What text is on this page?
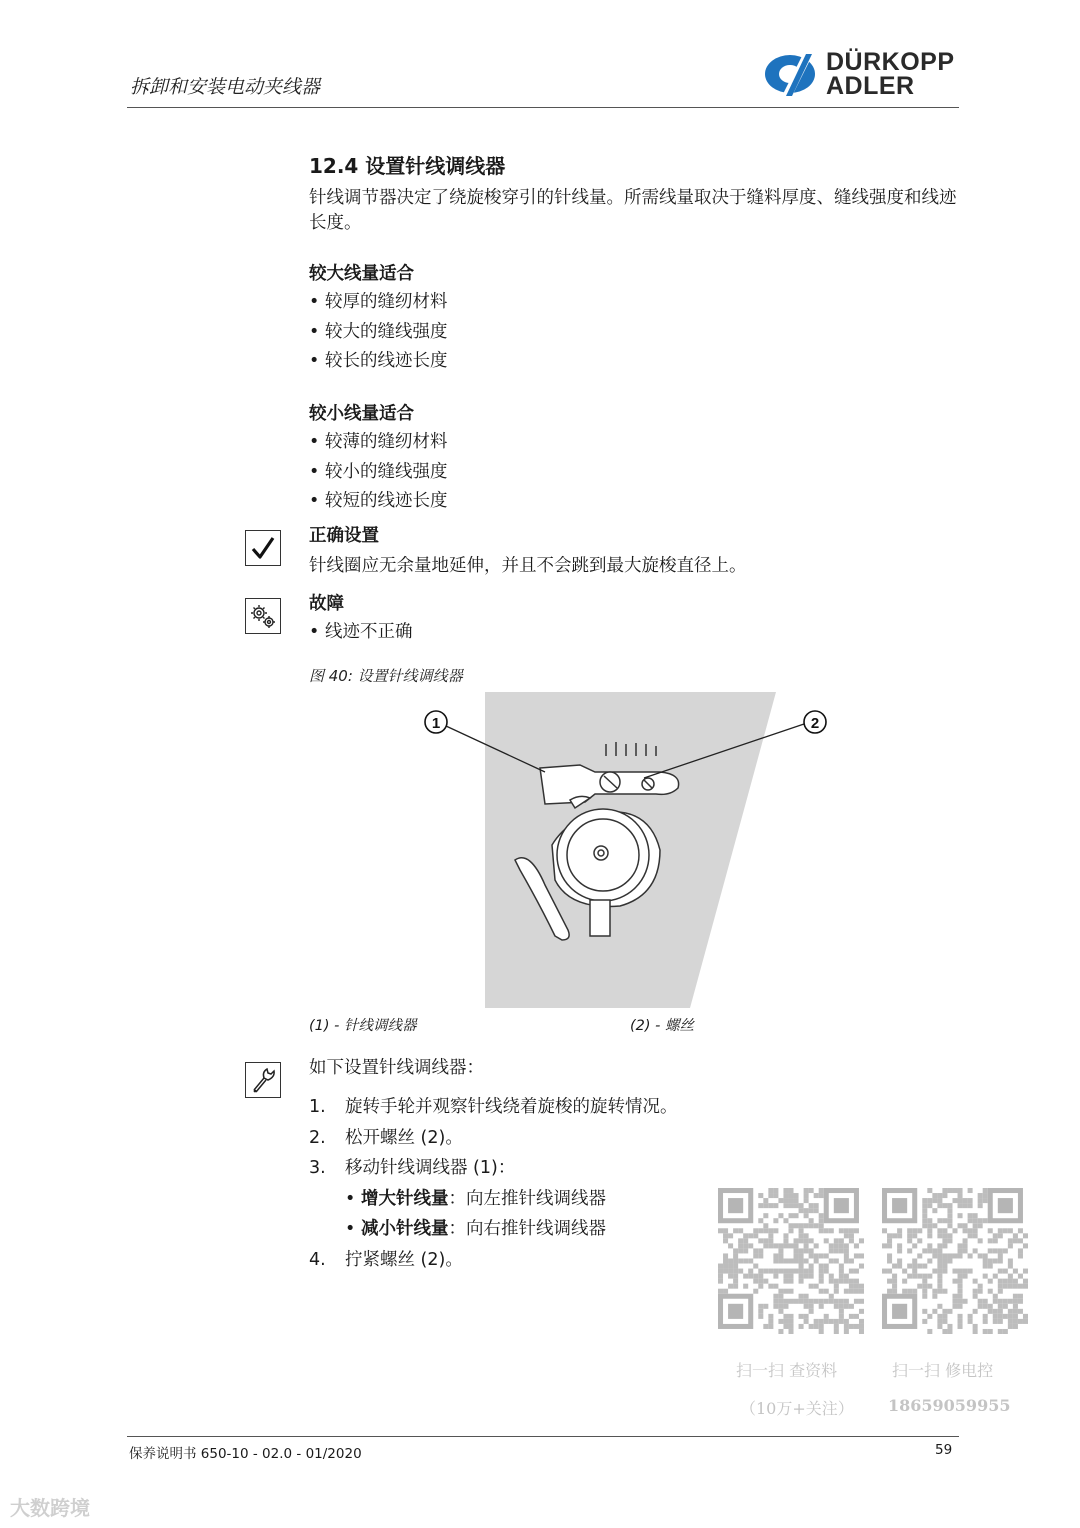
拆卸和安装电动夹线器
DÜRKOPP
ADLER
12.4 设置针线调线器
针线调节器决定了绕旋梭穿引的针线量。所需线量取决于缝料厚度、缝线强度和线迹长度。
较大线量适合
• 较厚的缝纫材料
• 较大的缝线强度
• 较长的线迹长度
较小线量适合
• 较薄的缝纫材料
• 较小的缝线强度
• 较短的线迹长度
正确设置
针线圈应无余量地延伸，并且不会跳到最大旋梭直径上。
故障
• 线迹不正确
图 40: 设置针线调线器
1	2
(1) - 针线调线器	(2) - 螺丝
如下设置针线调线器：
1. 旋转手轮并观察针线绕着旋梭的旋转情况。
2. 松开螺丝 (2)。
3. 移动针线调线器 (1)：
• 增大针线量：向左推针线调线器
• 减小针线量：向右推针线调线器
4. 拧紧螺丝 (2)。
扫一扫 查资料
（10万+关注）
扫一扫 修电控
18659059955
保养说明书 650-10 - 02.0 - 01/2020	59
大数跨境
